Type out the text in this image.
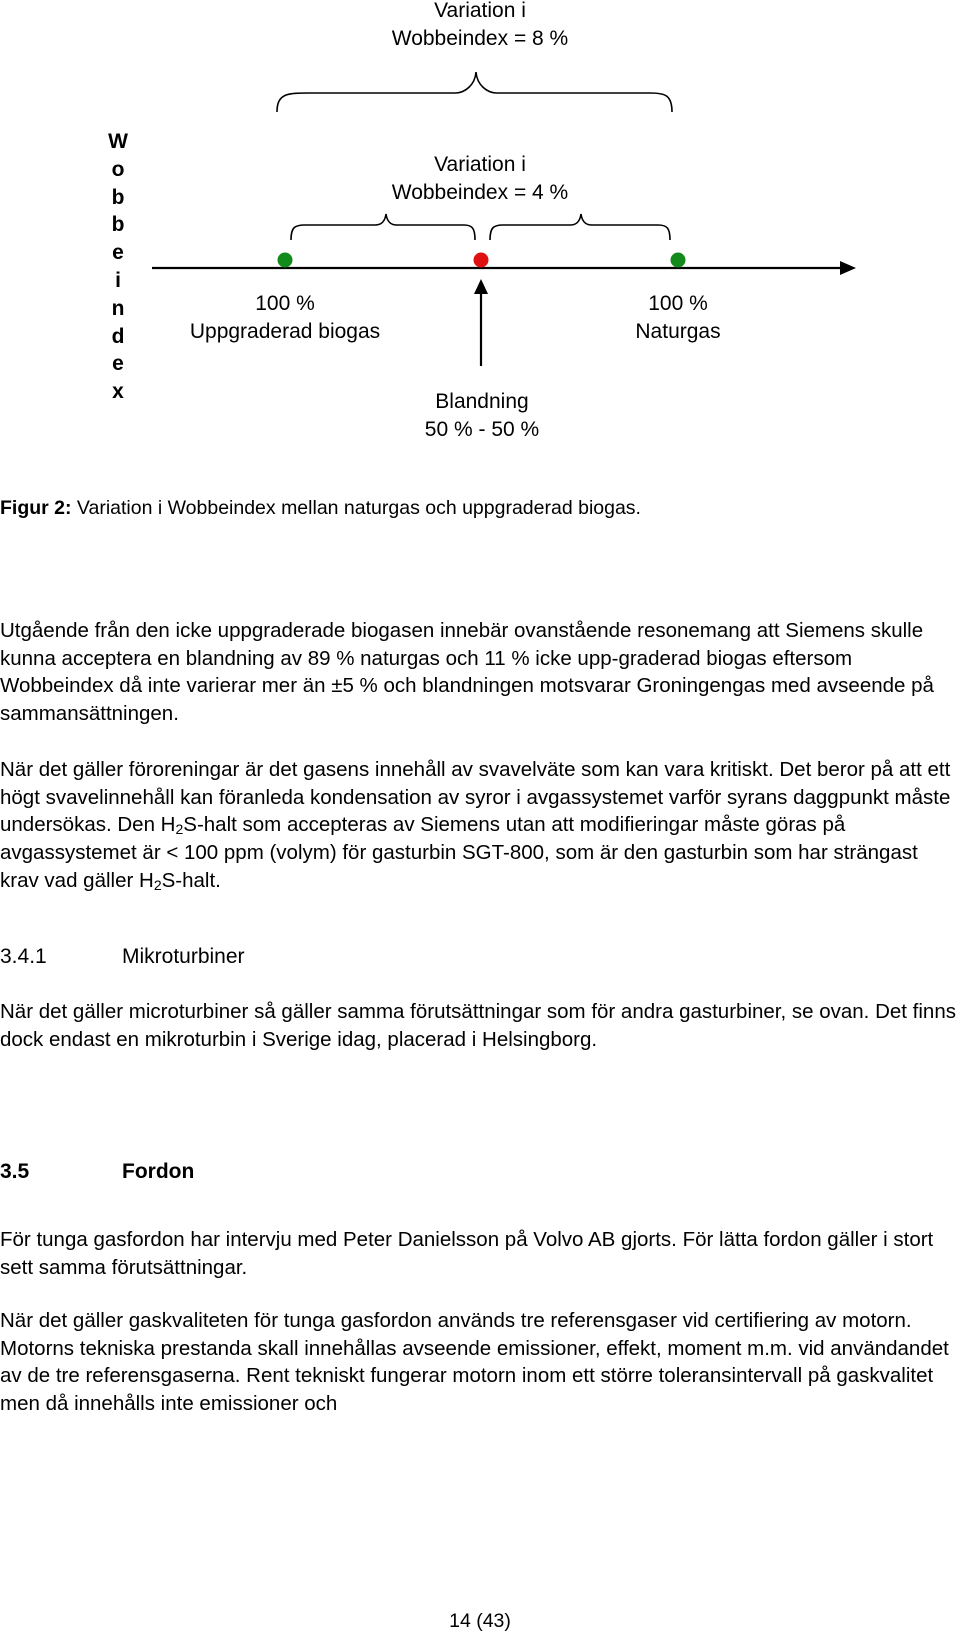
Variation i
Wobbeindex = 8 %
Variation i
Wobbeindex = 4 %
W
o
b
b
e
i
n
d
e
x
100 %
Uppgraderad biogas
100 %
Naturgas
Blandning
50 % - 50 %
Figur 2: Variation i Wobbeindex mellan naturgas och uppgraderad biogas.

Utgående från den icke uppgraderade biogasen innebär ovanstående resonemang att Siemens skulle kunna acceptera en blandning av 89 % naturgas och 11 % icke upp-graderad biogas eftersom Wobbeindex då inte varierar mer än ±5 % och blandningen motsvarar Groningengas med avseende på sammansättningen.

När det gäller föroreningar är det gasens innehåll av svavelväte som kan vara kritiskt. Det beror på att ett högt svavelinnehåll kan föranleda kondensation av syror i avgassystemet varför syrans daggpunkt måste undersökas. Den $H_2S$-halt som accepteras av Siemens utan att modifieringar måste göras på avgassystemet är < 100 ppm (volym) för gasturbin SGT-800, som är den gasturbin som har strängast krav vad gäller $H_2S$-halt.

3.4.1	Mikroturbiner

När det gäller microturbiner så gäller samma förutsättningar som för andra gasturbiner, se ovan. Det finns dock endast en mikroturbin i Sverige idag, placerad i Helsingborg.

3.5	Fordon

För tunga gasfordon har intervju med Peter Danielsson på Volvo AB gjorts. För lätta fordon gäller i stort sett samma förutsättningar.

När det gäller gaskvaliteten för tunga gasfordon används tre referensgaser vid certifiering av motorn. Motorns tekniska prestanda skall innehållas avseende emissioner, effekt, moment m.m. vid användandet av de tre referensgaserna. Rent tekniskt fungerar motorn inom ett större toleransintervall på gaskvalitet men då innehålls inte emissioner och

14 (43)
